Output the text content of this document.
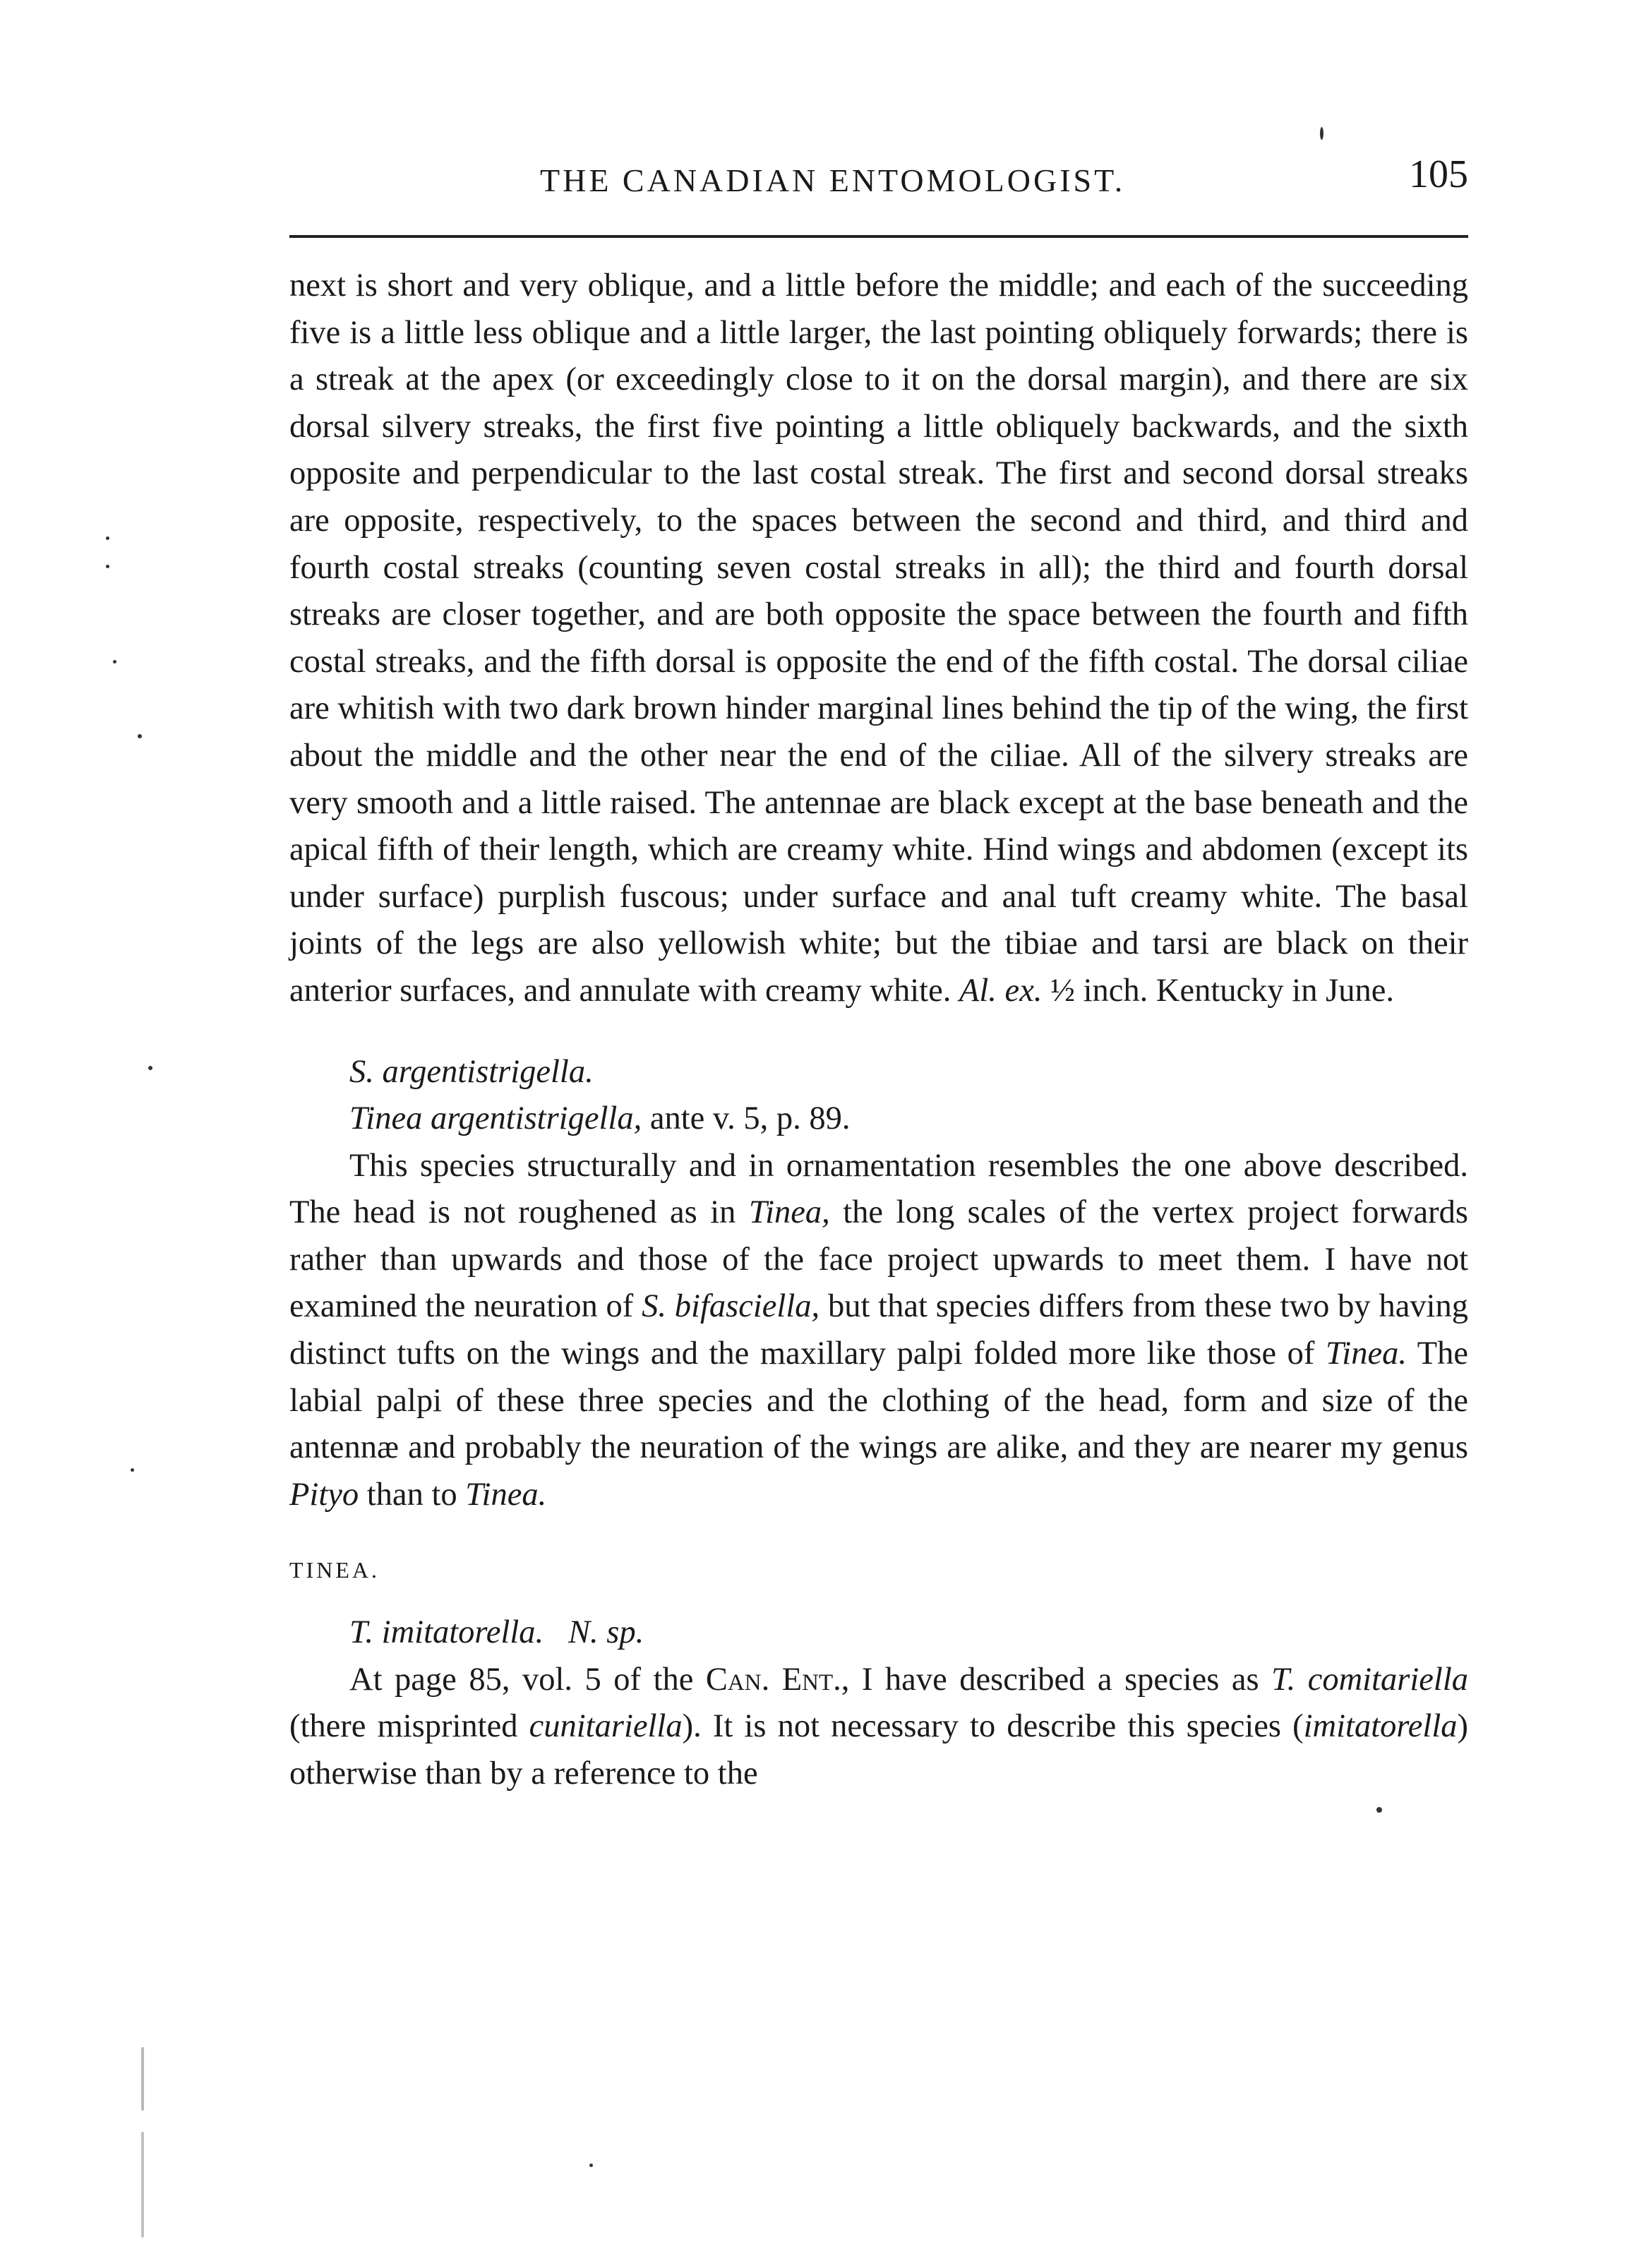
THE CANADIAN ENTOMOLOGIST.	105

next is short and very oblique, and a little before the middle; and each of the succeeding five is a little less oblique and a little larger, the last pointing obliquely forwards; there is a streak at the apex (or exceedingly close to it on the dorsal margin), and there are six dorsal silvery streaks, the first five pointing a little obliquely backwards, and the sixth opposite and perpendicular to the last costal streak. The first and second dorsal streaks are opposite, respectively, to the spaces between the second and third, and third and fourth costal streaks (counting seven costal streaks in all); the third and fourth dorsal streaks are closer together, and are both opposite the space between the fourth and fifth costal streaks, and the fifth dorsal is opposite the end of the fifth costal. The dorsal ciliae are whitish with two dark brown hinder marginal lines behind the tip of the wing, the first about the middle and the other near the end of the ciliae. All of the silvery streaks are very smooth and a little raised. The antennae are black except at the base beneath and the apical fifth of their length, which are creamy white. Hind wings and abdomen (except its under surface) purplish fuscous; under surface and anal tuft creamy white. The basal joints of the legs are also yellowish white; but the tibiae and tarsi are black on their anterior surfaces, and annulate with creamy white. Al. ex. ½ inch. Kentucky in June.

S. argentistrigella.

Tinea argentistrigella, ante v. 5, p. 89.

This species structurally and in ornamentation resembles the one above described. The head is not roughened as in Tinea, the long scales of the vertex project forwards rather than upwards and those of the face project upwards to meet them. I have not examined the neuration of S. bifasciella, but that species differs from these two by having distinct tufts on the wings and the maxillary palpi folded more like those of Tinea. The labial palpi of these three species and the clothing of the head, form and size of the antennæ and probably the neuration of the wings are alike, and they are nearer my genus Pityo than to Tinea.

TINEA.

T. imitatorella. N. sp.

At page 85, vol. 5 of the Can. Ent., I have described a species as T. comitariella (there misprinted cunitariella). It is not necessary to describe this species (imitatorella) otherwise than by a reference to the
